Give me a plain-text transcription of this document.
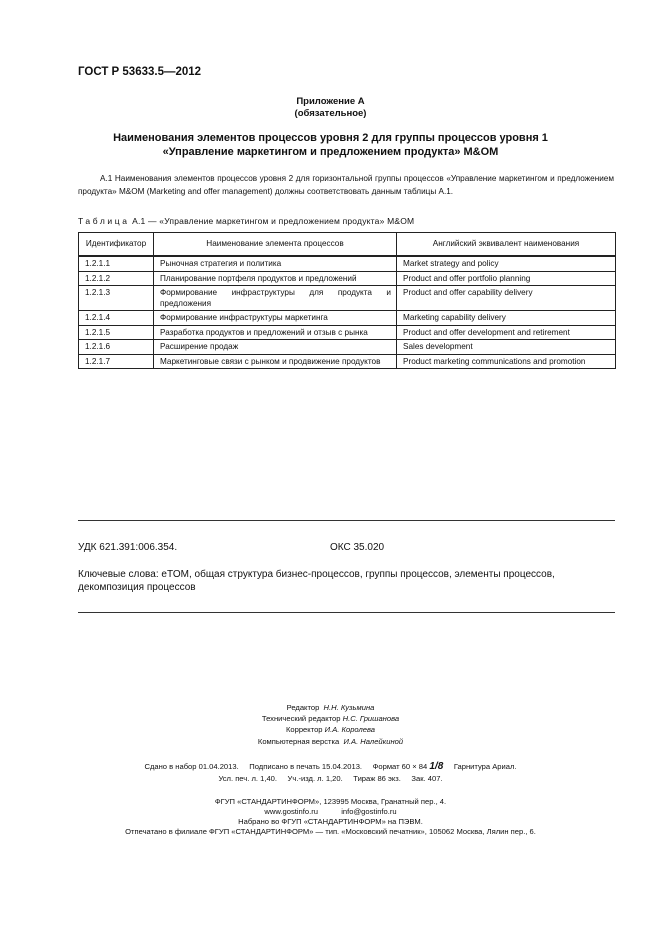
ГОСТ Р 53633.5—2012
Приложение А
(обязательное)
Наименования элементов процессов уровня 2 для группы процессов уровня 1
«Управление маркетингом и предложением продукта» M&OM
А.1 Наименования элементов процессов уровня 2 для горизонтальной группы процессов «Управление маркетингом и предложением продукта» M&OM (Marketing and offer management) должны соответствовать данным таблицы А.1.
Таблица А.1 — «Управление маркетингом и предложением продукта» M&OM
Идентификатор	Наименование элемента процессов	Английский эквивалент наименования
1.2.1.1	Рыночная стратегия и политика	Market strategy and policy
1.2.1.2	Планирование портфеля продуктов и предложений	Product and offer portfolio planning
1.2.1.3	Формирование инфраструктуры для продукта и предложения	Product and offer capability delivery
1.2.1.4	Формирование инфраструктуры маркетинга	Marketing capability delivery
1.2.1.5	Разработка продуктов и предложений и отзыв с рынка	Product and offer development and retirement
1.2.1.6	Расширение продаж	Sales development
1.2.1.7	Маркетинговые связи с рынком и продвижение продуктов	Product marketing communications and promotion
УДК 621.391:006.354.	ОКС 35.020
Ключевые слова: eTOM, общая структура бизнес-процессов, группы процессов, элементы процессов, декомпозиция процессов
Редактор Н.Н. Кузьмина
Технический редактор Н.С. Гришанова
Корректор И.А. Королева
Компьютерная верстка И.А. Налейкиной
Сдано в набор 01.04.2013. Подписано в печать 15.04.2013. Формат 60 × 84 1/8 Гарнитура Ариал.
Усл. печ. л. 1,40.     Уч.-изд. л. 1,20.     Тираж 86 экз.     Зак. 407.
ФГУП «СТАНДАРТИНФОРМ», 123995 Москва, Гранатный пер., 4.
www.gostinfo.ru	info@gostinfo.ru
Набрано во ФГУП «СТАНДАРТИНФОРМ» на ПЭВМ.
Отпечатано в филиале ФГУП «СТАНДАРТИНФОРМ» — тип. «Московский печатник», 105062 Москва, Лялин пер., 6.
